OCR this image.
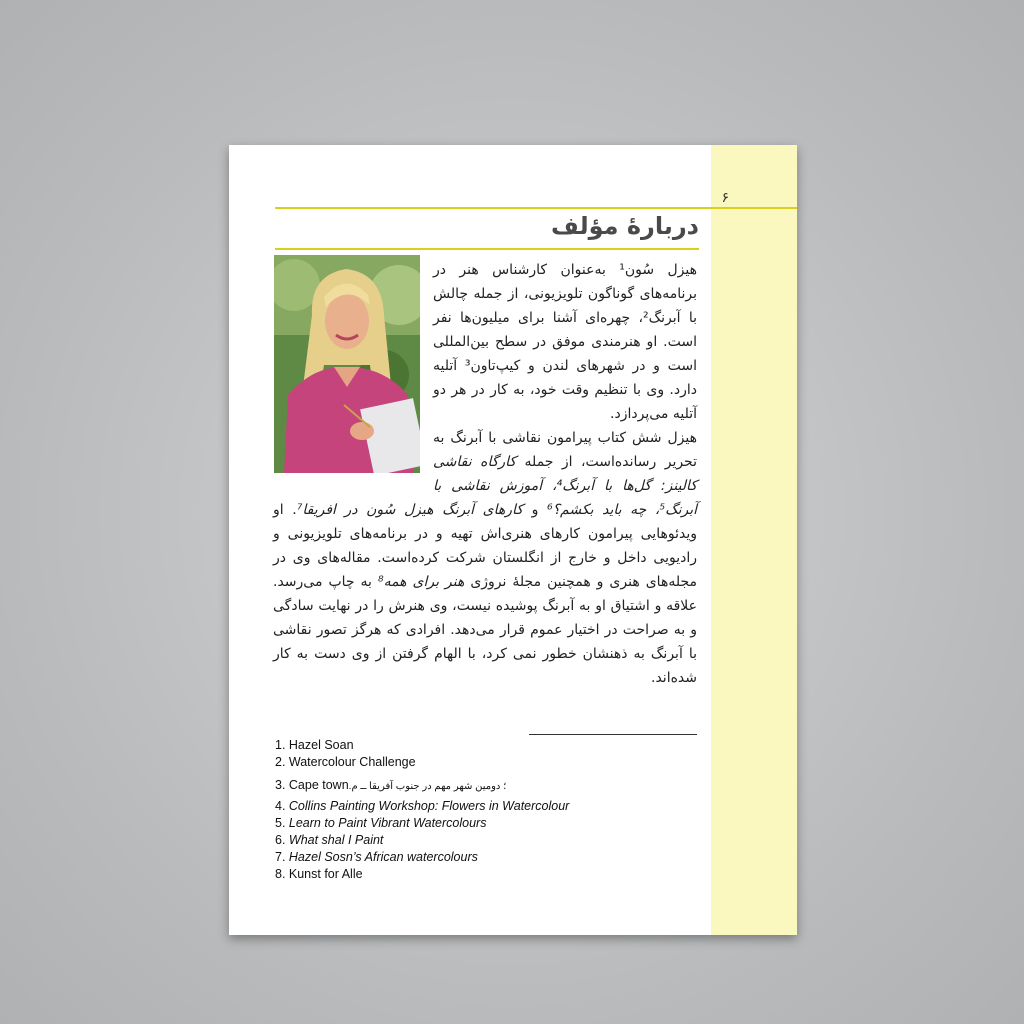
۶
دربارهٔ مؤلف

هیزل سُون¹ به‌عنوان کارشناس هنر در برنامه‌های گوناگون تلویزیونی، از جمله چالش با آبرنگ²، چهره‌ای آشنا برای میلیون‌ها نفر است. او هنرمندی موفق در سطح بین‌المللی است و در شهرهای لندن و کیپ‌تاون³ آتلیه دارد. وی با تنظیم وقت خود، به کار در هر دو آتلیه می‌پردازد.

هیزل شش کتاب پیرامون نقاشی با آبرنگ به تحریر رسانده‌است، از جمله کارگاه نقاشی کالینز: گل‌ها با آبرنگ⁴، آموزش نقاشی با آبرنگ⁵، چه باید بکشم؟⁶ و کارهای آبرنگ هیزل سُون در افریقا⁷. او ویدئوهایی پیرامون کارهای هنری‌اش تهیه و در برنامه‌های تلویزیونی و رادیویی داخل و خارج از انگلستان شرکت کرده‌است. مقاله‌های وی در مجله‌های هنری و همچنین مجلهٔ نروژی هنر برای همه⁸ به چاپ می‌رسد. علاقه و اشتیاق او به آبرنگ پوشیده نیست، وی هنرش را در نهایت سادگی و به صراحت در اختیار عموم قرار می‌دهد. افرادی که هرگز تصور نقاشی با آبرنگ به ذهنشان خطور نمی کرد، با الهام گرفتن از وی دست به کار شده‌اند.

1. Hazel Soan
2. Watercolour Challenge
3. Cape town؛ دومین شهر مهم در جنوب آفریقا ــ م.
4. Collins Painting Workshop: Flowers in Watercolour
5. Learn to Paint Vibrant Watercolours
6. What shal I Paint
7. Hazel Sosn’s African watercolours
8. Kunst for Alle
